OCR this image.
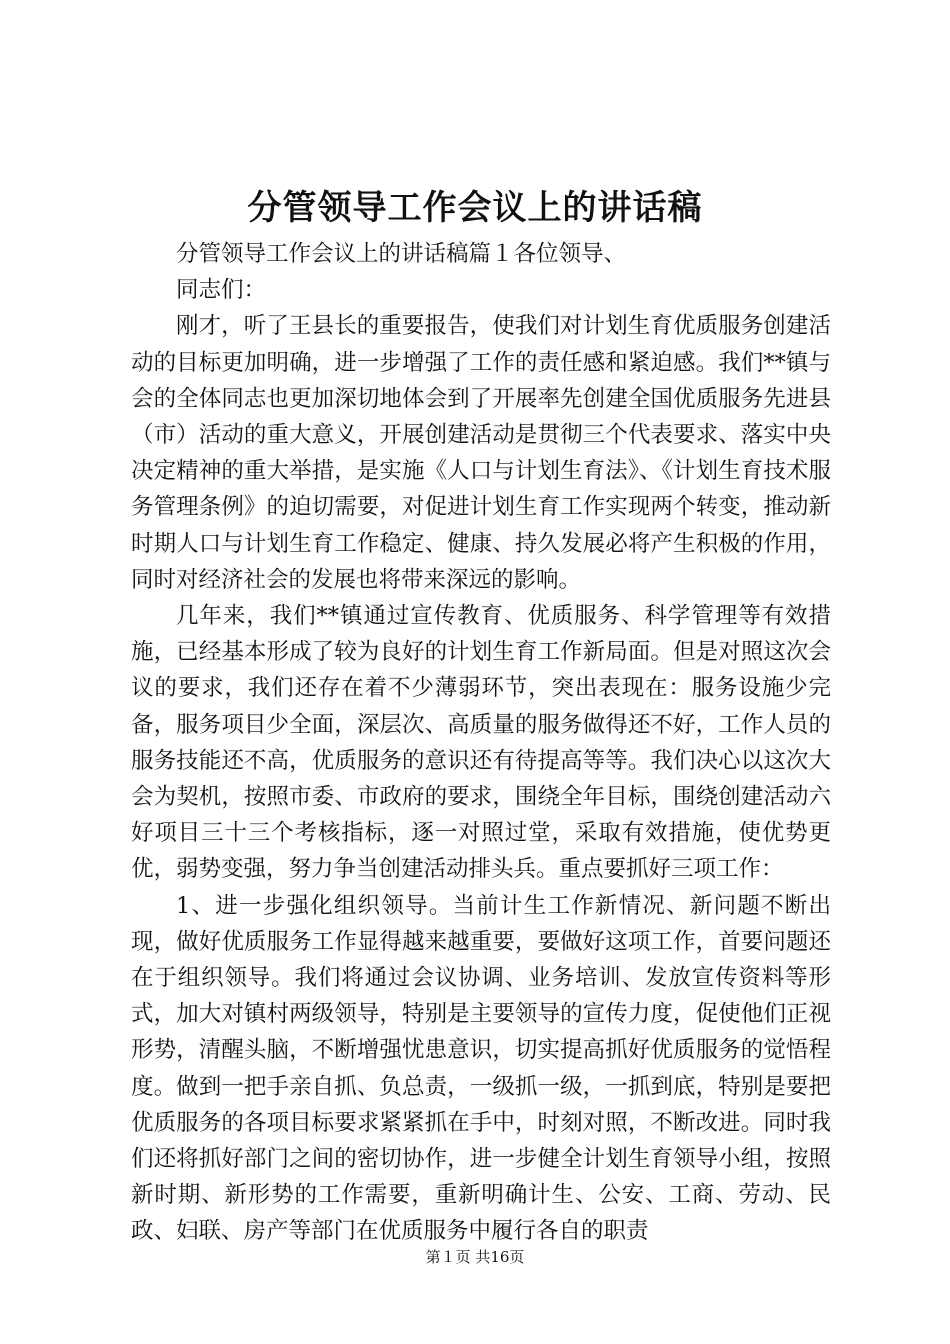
分管领导工作会议上的讲话稿

分管领导工作会议上的讲话稿篇１各位领导、

同志们：

刚才，听了王县长的重要报告，使我们对计划生育优质服务创建活动的目标更加明确，进一步增强了工作的责任感和紧迫感。我们**镇与会的全体同志也更加深切地体会到了开展率先创建全国优质服务先进县（市）活动的重大意义，开展创建活动是贯彻三个代表要求、落实中央决定精神的重大举措，是实施《人口与计划生育法》、《计划生育技术服务管理条例》的迫切需要，对促进计划生育工作实现两个转变，推动新时期人口与计划生育工作稳定、健康、持久发展必将产生积极的作用，同时对经济社会的发展也将带来深远的影响。

几年来，我们**镇通过宣传教育、优质服务、科学管理等有效措施，已经基本形成了较为良好的计划生育工作新局面。但是对照这次会议的要求，我们还存在着不少薄弱环节，突出表现在：服务设施少完备，服务项目少全面，深层次、高质量的服务做得还不好，工作人员的服务技能还不高，优质服务的意识还有待提高等等。我们决心以这次大会为契机，按照市委、市政府的要求，围绕全年目标，围绕创建活动六好项目三十三个考核指标，逐一对照过堂，采取有效措施，使优势更优，弱势变强，努力争当创建活动排头兵。重点要抓好三项工作：

1、进一步强化组织领导。当前计生工作新情况、新问题不断出现，做好优质服务工作显得越来越重要，要做好这项工作，首要问题还在于组织领导。我们将通过会议协调、业务培训、发放宣传资料等形式，加大对镇村两级领导，特别是主要领导的宣传力度，促使他们正视形势，清醒头脑，不断增强忧患意识，切实提高抓好优质服务的觉悟程度。做到一把手亲自抓、负总责，一级抓一级，一抓到底，特别是要把优质服务的各项目标要求紧紧抓在手中，时刻对照，不断改进。同时我们还将抓好部门之间的密切协作，进一步健全计划生育领导小组，按照新时期、新形势的工作需要，重新明确计生、公安、工商、劳动、民政、妇联、房产等部门在优质服务中履行各自的职责

第１页 共16页
